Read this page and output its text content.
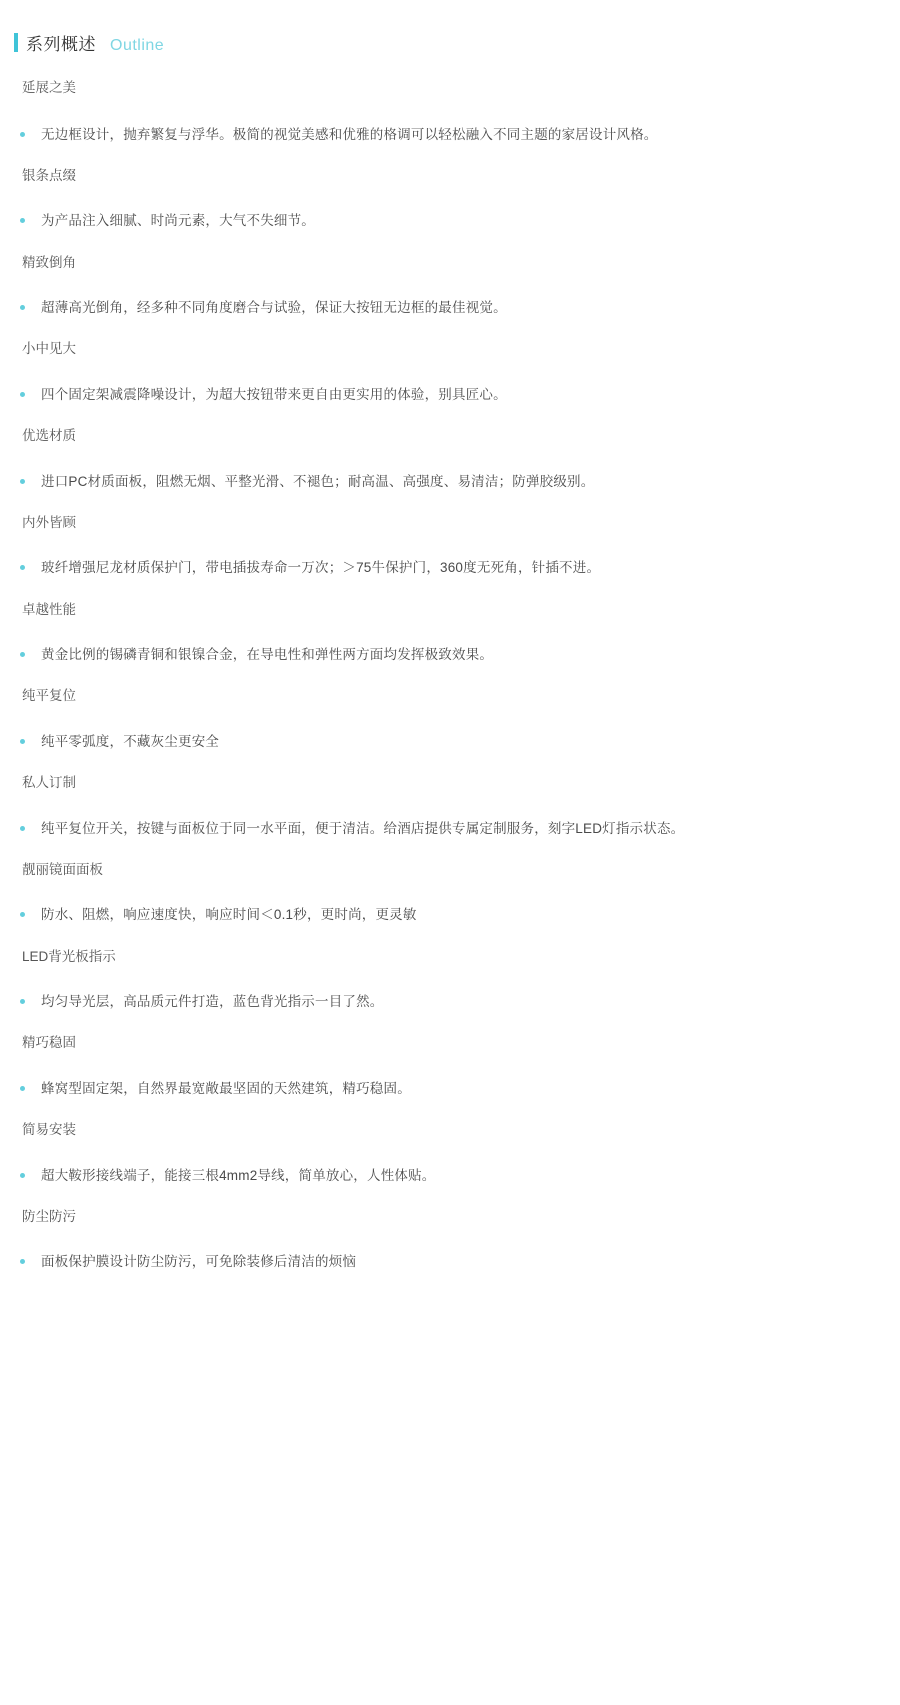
系列概述 Outline
延展之美
无边框设计，抛弃繁复与浮华。极简的视觉美感和优雅的格调可以轻松融入不同主题的家居设计风格。
银条点缀
为产品注入细腻、时尚元素，大气不失细节。
精致倒角
超薄高光倒角，经多种不同角度磨合与试验，保证大按钮无边框的最佳视觉。
小中见大
四个固定架减震降噪设计，为超大按钮带来更自由更实用的体验，别具匠心。
优选材质
进口PC材质面板，阻燃无烟、平整光滑、不褪色；耐高温、高强度、易清洁；防弹胶级别。
内外皆顾
玻纤增强尼龙材质保护门，带电插拔寿命一万次；＞75牛保护门，360度无死角，针插不进。
卓越性能
黄金比例的锡磷青铜和银镍合金，在导电性和弹性两方面均发挥极致效果。
纯平复位
纯平零弧度，不藏灰尘更安全
私人订制
纯平复位开关，按键与面板位于同一水平面，便于清洁。给酒店提供专属定制服务，刻字LED灯指示状态。
靓丽镜面面板
防水、阻燃，响应速度快，响应时间＜0.1秒，更时尚，更灵敏
LED背光板指示
均匀导光层，高品质元件打造，蓝色背光指示一目了然。
精巧稳固
蜂窝型固定架，自然界最宽敞最坚固的天然建筑，精巧稳固。
简易安装
超大鞍形接线端子，能接三根4mm2导线，简单放心，人性体贴。
防尘防污
面板保护膜设计防尘防污，可免除装修后清洁的烦恼
